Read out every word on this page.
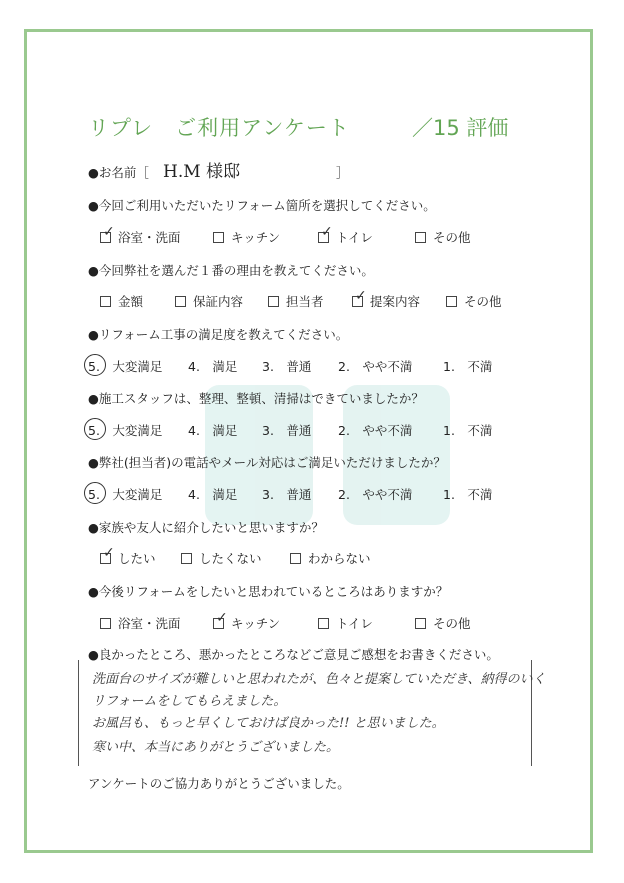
リプレ　ご利用アンケート	／15 評価
●お名前［ H.M 様邸	］
●今回ご利用いただいたリフォーム箇所を選択してください。
✓ 浴室・洗面	キッチン	✓ トイレ	その他
●今回弊社を選んだ１番の理由を教えてください。
金額	保証内容	担当者 ✓ 提案内容	その他
●リフォーム工事の満足度を教えてください。
5.　大変満足 4.　満足 3.　普通 2.　やや不満 1.　不満
●施工スタッフは、整理、整頓、清掃はできていましたか？
5.　大変満足 4.　満足 3.　普通 2.　やや不満 1.　不満
●弊社(担当者)の電話やメール対応はご満足いただけましたか？
5.　大変満足 4.　満足 3.　普通 2.　やや不満 1.　不満
●家族や友人に紹介したいと思いますか？
✓ したい	したくない	わからない
●今後リフォームをしたいと思われているところはありますか？
浴室・洗面	✓ キッチン	トイレ	その他
●良かったところ、悪かったところなどご意見ご感想をお書きください。
洗面台のサイズが難しいと思われたが、色々と提案していただき、納得のいく
リフォームをしてもらえました。
お風呂も、もっと早くしておけば良かった!! と思いました。
寒い中、本当にありがとうございました。
アンケートのご協力ありがとうございました。
